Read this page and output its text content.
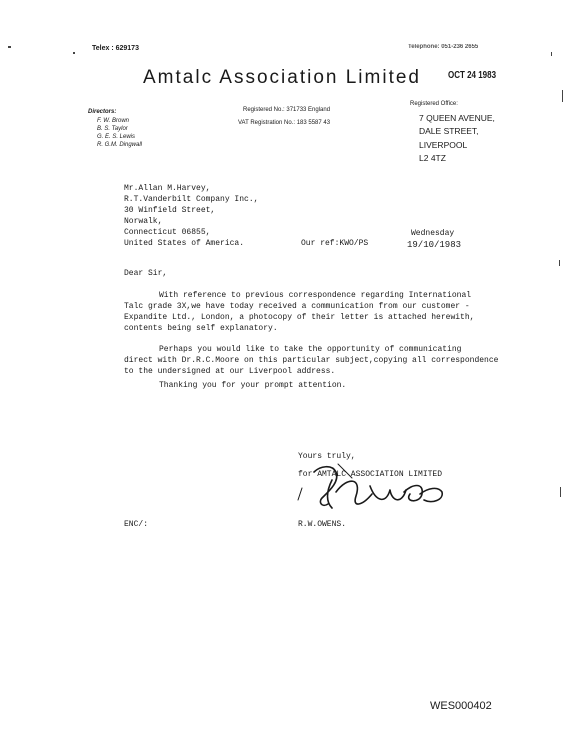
Telex : 629173	Telephone: 051-236 2655
Amtalc Association Limited	OCT 24 1983
Directors:
F. W. Brown
B. S. Taylor
G. E. S. Lewis
R. G.M. Dingwall
Registered No.: 371733 England
VAT Registration No.: 183 5587 43
Registered Office:
7 QUEEN AVENUE,
DALE STREET,
LIVERPOOL
L2 4TZ
Mr.Allan M.Harvey,
R.T.Vanderbilt Company Inc.,
30 Winfield Street,
Norwalk,
Connecticut 06855,
United States of America.	Our ref:KWO/PS
Wednesday
19/10/1983
Dear Sir,
With reference to previous correspondence regarding International
Talc grade 3X,we have today received a communication from our customer -
Expandite Ltd., London, a photocopy of their letter is attached herewith,
contents being self explanatory.
Perhaps you would like to take the opportunity of communicating
direct with Dr.R.C.Moore on this particular subject,copying all correspondence
to the undersigned at our Liverpool address.
Thanking you for your prompt attention.
Yours truly,
for AMTALC ASSOCIATION LIMITED
ENC/:	R.W.OWENS.
WES000402
